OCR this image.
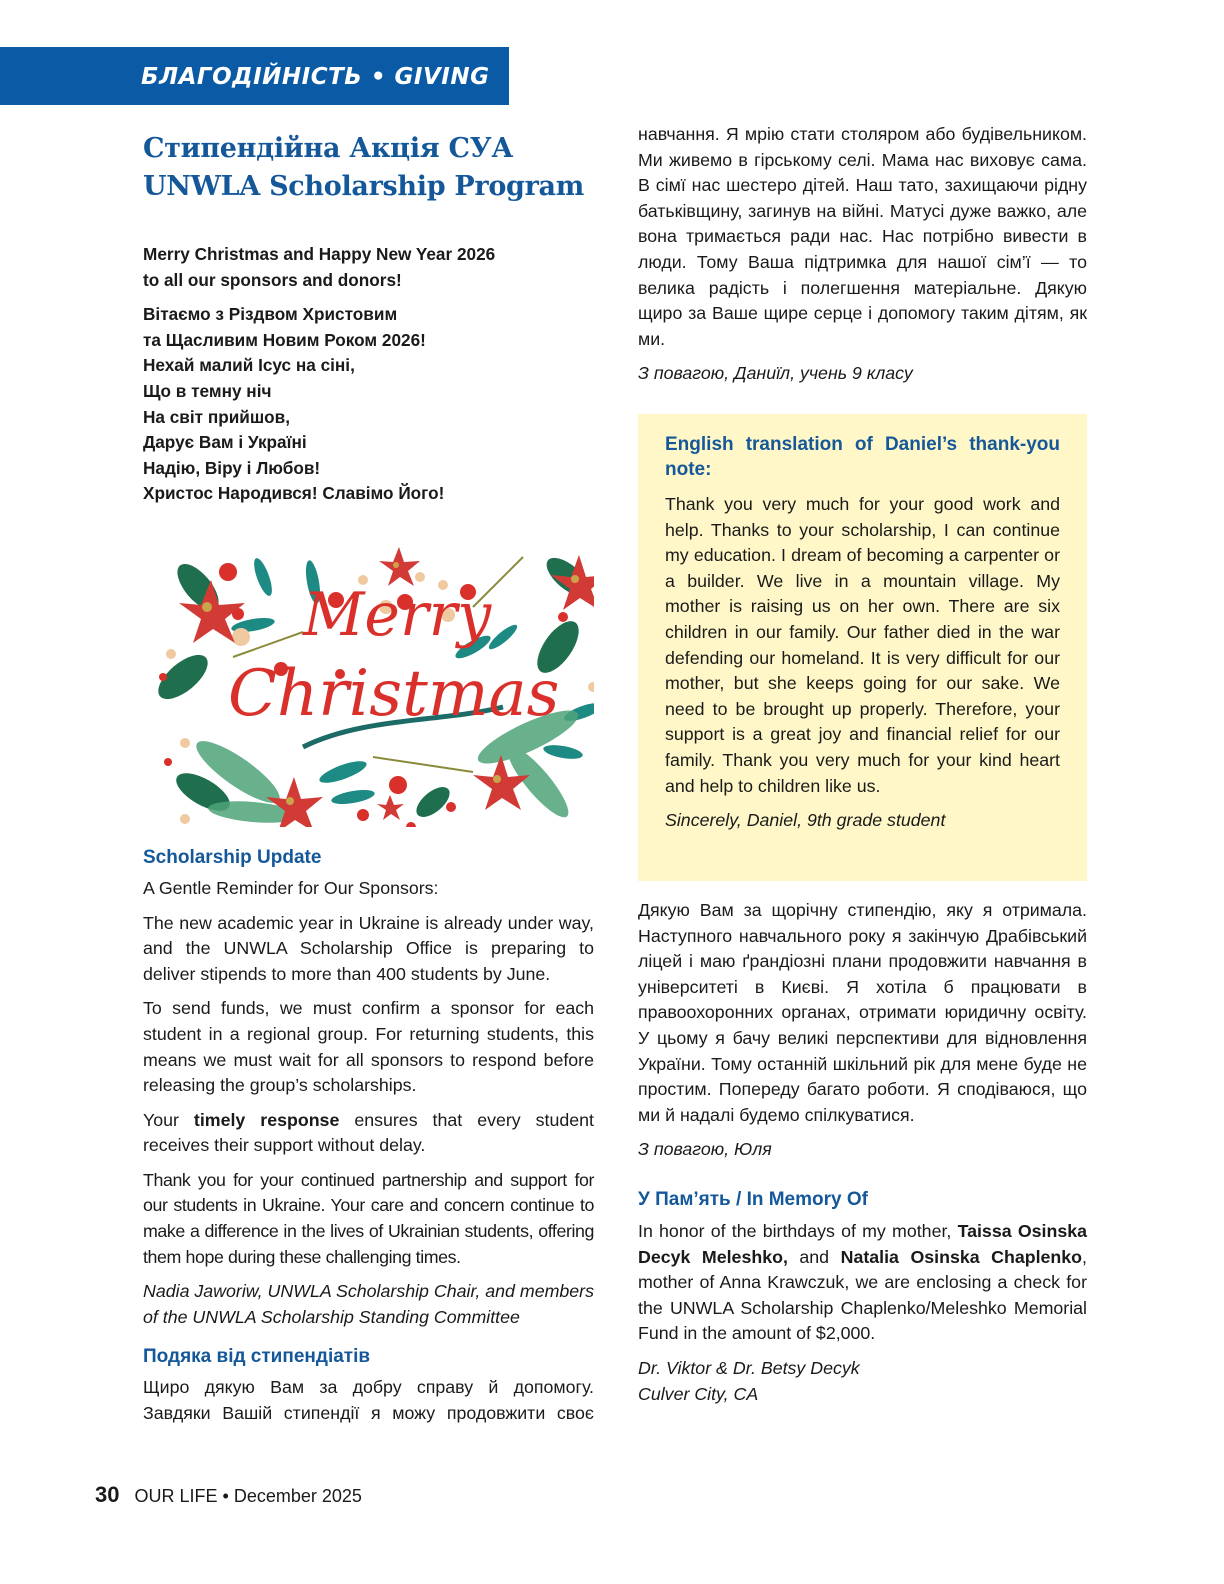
БЛАГОДІЙНІСТЬ • GIVING
Стипендійна Акція СУА
UNWLA Scholarship Program

Merry Christmas and Happy New Year 2026
to all our sponsors and donors!

Вітаємо з Різдвом Христовим
та Щасливим Новим Роком 2026!
Нехай малий Ісус на сіні,
Що в темну ніч
На світ прийшов,
Дарує Вам і Україні
Надію, Віру і Любов!
Христос Народився! Славімо Його!
Merry
Christmas
Scholarship Update

A Gentle Reminder for Our Sponsors:

The new academic year in Ukraine is already under way, and the UNWLA Scholarship Office is preparing to deliver stipends to more than 400 students by June.

To send funds, we must confirm a sponsor for each student in a regional group. For returning students, this means we must wait for all sponsors to respond before releasing the group’s scholarships.

Your timely response ensures that every student receives their support without delay.

Thank you for your continued partnership and support for our students in Ukraine. Your care and concern continue to make a difference in the lives of Ukrainian students, offering them hope during these challenging times.

Nadia Jaworiw, UNWLA Scholarship Chair, and members of the UNWLA Scholarship Standing Committee

Подяка від стипендіатів

Щиро дякую Вам за добру справу й допомогу. Завдяки Вашій стипендії я можу продовжити своє

навчання. Я мрію стати столяром або будівельником. Ми живемо в гірському селі. Мама нас виховує сама. В сімї нас шестеро дітей. Наш тато, захищаючи рідну батьківщину, загинув на війні. Матусі дуже важко, але вона тримається ради нас. Нас потрібно вивести в люди. Тому Ваша підтримка для нашої сім’ї — то велика радість і полегшення матеріальне. Дякую щиро за Ваше щире серце і допомогу таким дітям, як ми.

З повагою, Даниїл, учень 9 класу

English translation of Daniel’s thank-you note:

Thank you very much for your good work and help. Thanks to your scholarship, I can continue my education. I dream of becoming a carpenter or a builder. We live in a mountain village. My mother is raising us on her own. There are six children in our family. Our father died in the war defending our homeland. It is very difficult for our mother, but she keeps going for our sake. We need to be brought up properly. Therefore, your support is a great joy and financial relief for our family. Thank you very much for your kind heart and help to children like us.

Sincerely, Daniel, 9th grade student

Дякую Вам за щорічну стипендію, яку я отримала. Наступного навчального року я закінчую Драбівський ліцей і маю ґрандіозні плани продовжити навчання в університеті в Києві. Я хотіла б працювати в правоохоронних органах, отримати юридичну освіту. У цьому я бачу великі перспективи для відновлення України. Тому останній шкільний рік для мене буде не простим. Попереду багато роботи. Я сподіваюся, що ми й надалі будемо спілкуватися.

З повагою, Юля

У Пам’ять / In Memory Of

In honor of the birthdays of my mother, Taissa Osinska Decyk Meleshko, and Natalia Osinska Chaplenko, mother of Anna Krawczuk, we are enclosing a check for the UNWLA Scholarship Chaplenko/Meleshko Memorial Fund in the amount of $2,000.

Dr. Viktor & Dr. Betsy Decyk
Culver City, CA

30 OUR LIFE • December 2025
